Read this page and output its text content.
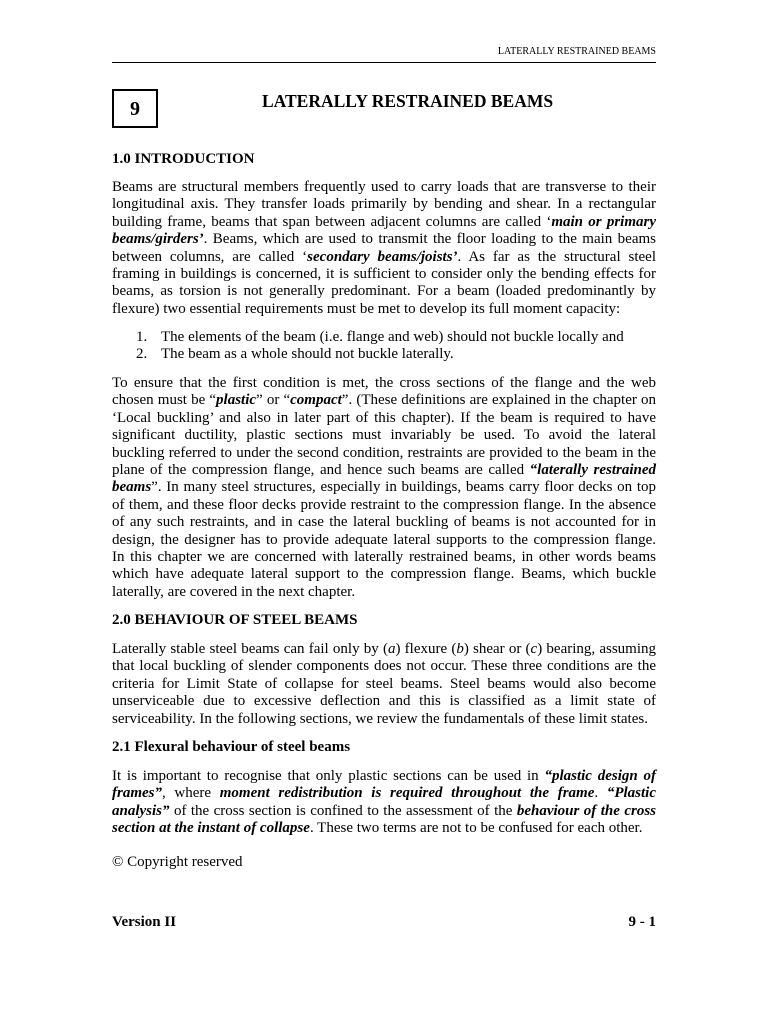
LATERALLY RESTRAINED BEAMS
9	LATERALLY RESTRAINED BEAMS
1.0 INTRODUCTION
Beams are structural members frequently used to carry loads that are transverse to their
longitudinal axis. They transfer loads primarily by bending and shear. In a rectangular
building frame, beams that span between adjacent columns are called ‘main or primary
beams/girders’. Beams, which are used to transmit the floor loading to the main beams
between columns, are called ‘secondary beams/joists’. As far as the structural steel
framing in buildings is concerned, it is sufficient to consider only the bending effects for
beams, as torsion is not generally predominant. For a beam (loaded predominantly by
flexure) two essential requirements must be met to develop its full moment capacity:
1. The elements of the beam (i.e. flange and web) should not buckle locally and
2. The beam as a whole should not buckle laterally.
To ensure that the first condition is met, the cross sections of the flange and the web
chosen must be “plastic” or “compact”. (These definitions are explained in the chapter on
‘Local buckling’ and also in later part of this chapter). If the beam is required to have
significant ductility, plastic sections must invariably be used. To avoid the lateral
buckling referred to under the second condition, restraints are provided to the beam in the
plane of the compression flange, and hence such beams are called “laterally restrained
beams”. In many steel structures, especially in buildings, beams carry floor decks on top
of them, and these floor decks provide restraint to the compression flange. In the absence
of any such restraints, and in case the lateral buckling of beams is not accounted for in
design, the designer has to provide adequate lateral supports to the compression flange.
In this chapter we are concerned with laterally restrained beams, in other words beams
which have adequate lateral support to the compression flange. Beams, which buckle
laterally, are covered in the next chapter.
2.0 BEHAVIOUR OF STEEL BEAMS
Laterally stable steel beams can fail only by (a) flexure (b) shear or (c) bearing, assuming
that local buckling of slender components does not occur. These three conditions are the
criteria for Limit State of collapse for steel beams. Steel beams would also become
unserviceable due to excessive deflection and this is classified as a limit state of
serviceability. In the following sections, we review the fundamentals of these limit states.
2.1 Flexural behaviour of steel beams
It is important to recognise that only plastic sections can be used in “plastic design of
frames”, where moment redistribution is required throughout the frame. “Plastic
analysis” of the cross section is confined to the assessment of the behaviour of the cross
section at the instant of collapse. These two terms are not to be confused for each other.
© Copyright reserved
Version II	9 - 1
